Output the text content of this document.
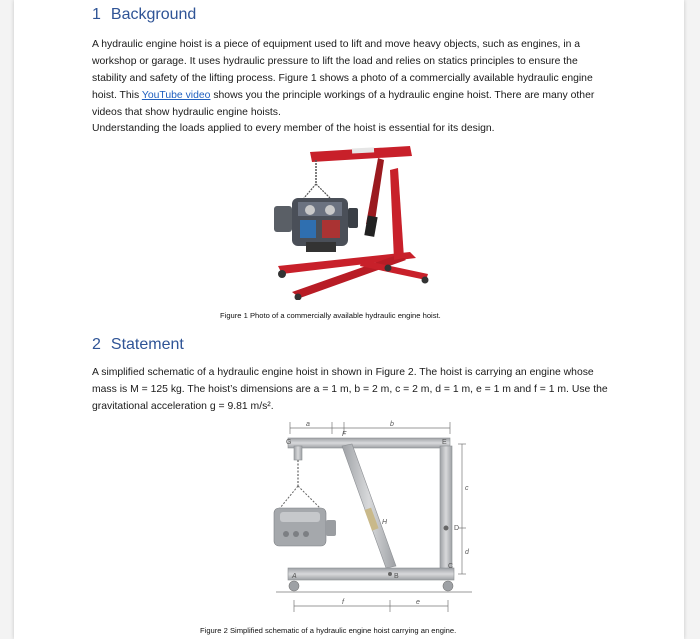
1 Background

A hydraulic engine hoist is a piece of equipment used to lift and move heavy objects, such as engines, in a workshop or garage. It uses hydraulic pressure to lift the load and relies on statics principles to ensure the stability and safety of the lifting process. Figure 1 shows a photo of a commercially available hydraulic engine hoist. This YouTube video shows you the principle workings of a hydraulic engine hoist. There are many other videos that show hydraulic engine hoists.

Understanding the loads applied to every member of the hoist is essential for its design.

Figure 1 Photo of a commercially available hydraulic engine hoist.

2 Statement

A simplified schematic of a hydraulic engine hoist in shown in Figure 2. The hoist is carrying an engine whose mass is M = 125 kg. The hoist’s dimensions are a = 1 m, b = 2 m, c = 2 m, d = 1 m, e = 1 m and f = 1 m. Use the gravitational acceleration g = 9.81 m/s².

a	b
G
F
E
H
D
A	B
C
c
d
f	e

Figure 2 Simplified schematic of a hydraulic engine hoist carrying an engine.
